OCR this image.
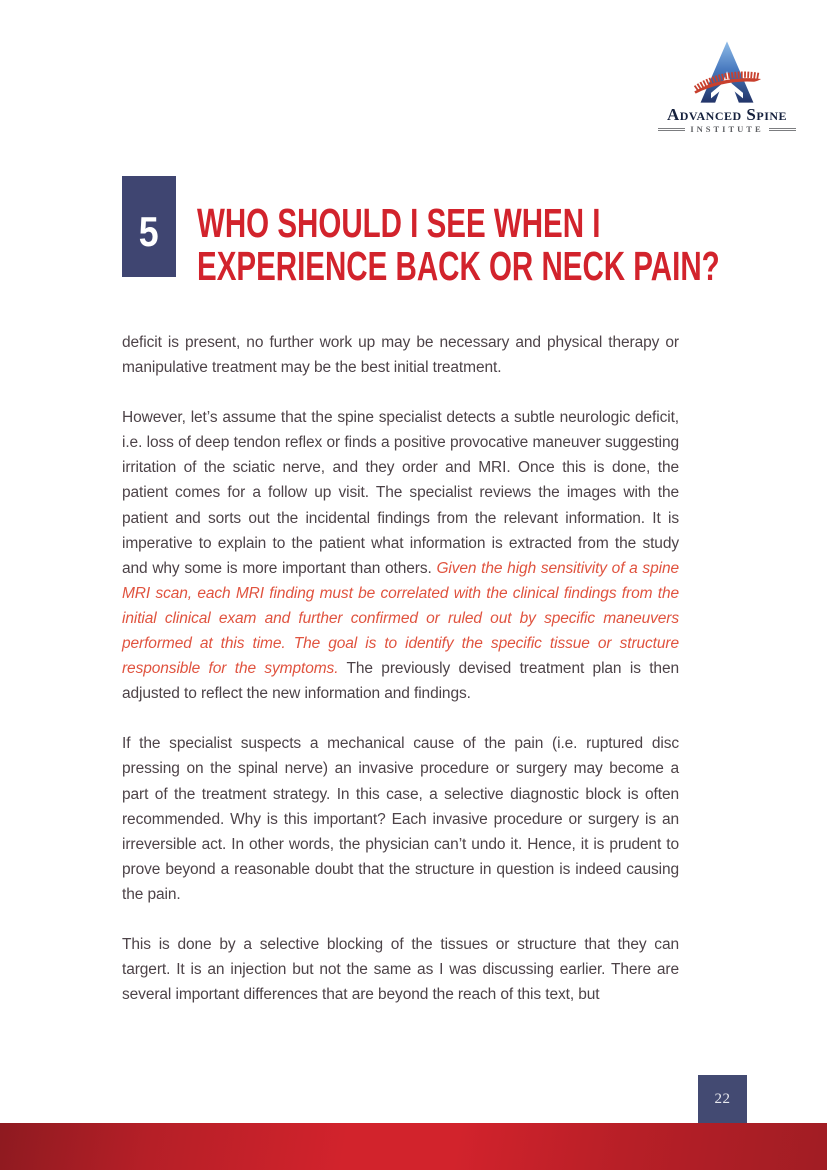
Advanced Spine
INSTITUTE
5 WHO SHOULD I SEE WHEN I
EXPERIENCE BACK OR NECK PAIN?

deficit is present, no further work up may be necessary and physical therapy or manipulative treatment may be the best initial treatment.

However, let’s assume that the spine specialist detects a subtle neurologic deficit, i.e. loss of deep tendon reflex or finds a positive provocative maneuver suggesting irritation of the sciatic nerve, and they order and MRI. Once this is done, the patient comes for a follow up visit. The specialist reviews the images with the patient and sorts out the incidental findings from the relevant information. It is imperative to explain to the patient what information is extracted from the study and why some is more important than others. Given the high sensitivity of a spine MRI scan, each MRI finding must be correlated with the clinical findings from the initial clinical exam and further confirmed or ruled out by specific maneuvers performed at this time. The goal is to identify the specific tissue or structure responsible for the symptoms. The previously devised treatment plan is then adjusted to reflect the new information and findings.

If the specialist suspects a mechanical cause of the pain (i.e. ruptured disc pressing on the spinal nerve) an invasive procedure or surgery may become a part of the treatment strategy. In this case, a selective diagnostic block is often recommended. Why is this important? Each invasive procedure or surgery is an irreversible act. In other words, the physician can’t undo it. Hence, it is prudent to prove beyond a reasonable doubt that the structure in question is indeed causing the pain.

This is done by a selective blocking of the tissues or structure that they can targert. It is an injection but not the same as I was discussing earlier. There are several important differences that are beyond the reach of this text, but

22
